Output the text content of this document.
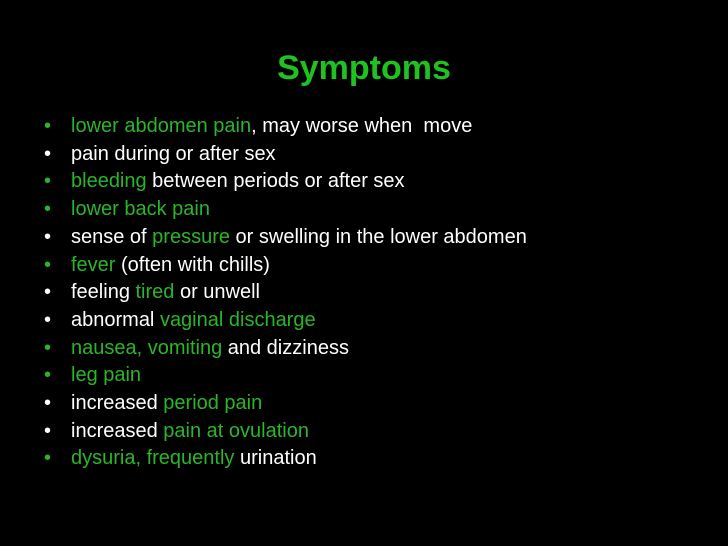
Symptoms
• lower abdomen pain, may worse when  move
• pain during or after sex
• bleeding between periods or after sex
• lower back pain
• sense of pressure or swelling in the lower abdomen
• fever (often with chills)
• feeling tired or unwell
• abnormal vaginal discharge
• nausea, vomiting and dizziness
• leg pain
• increased period pain
• increased pain at ovulation
• dysuria, frequently urination
